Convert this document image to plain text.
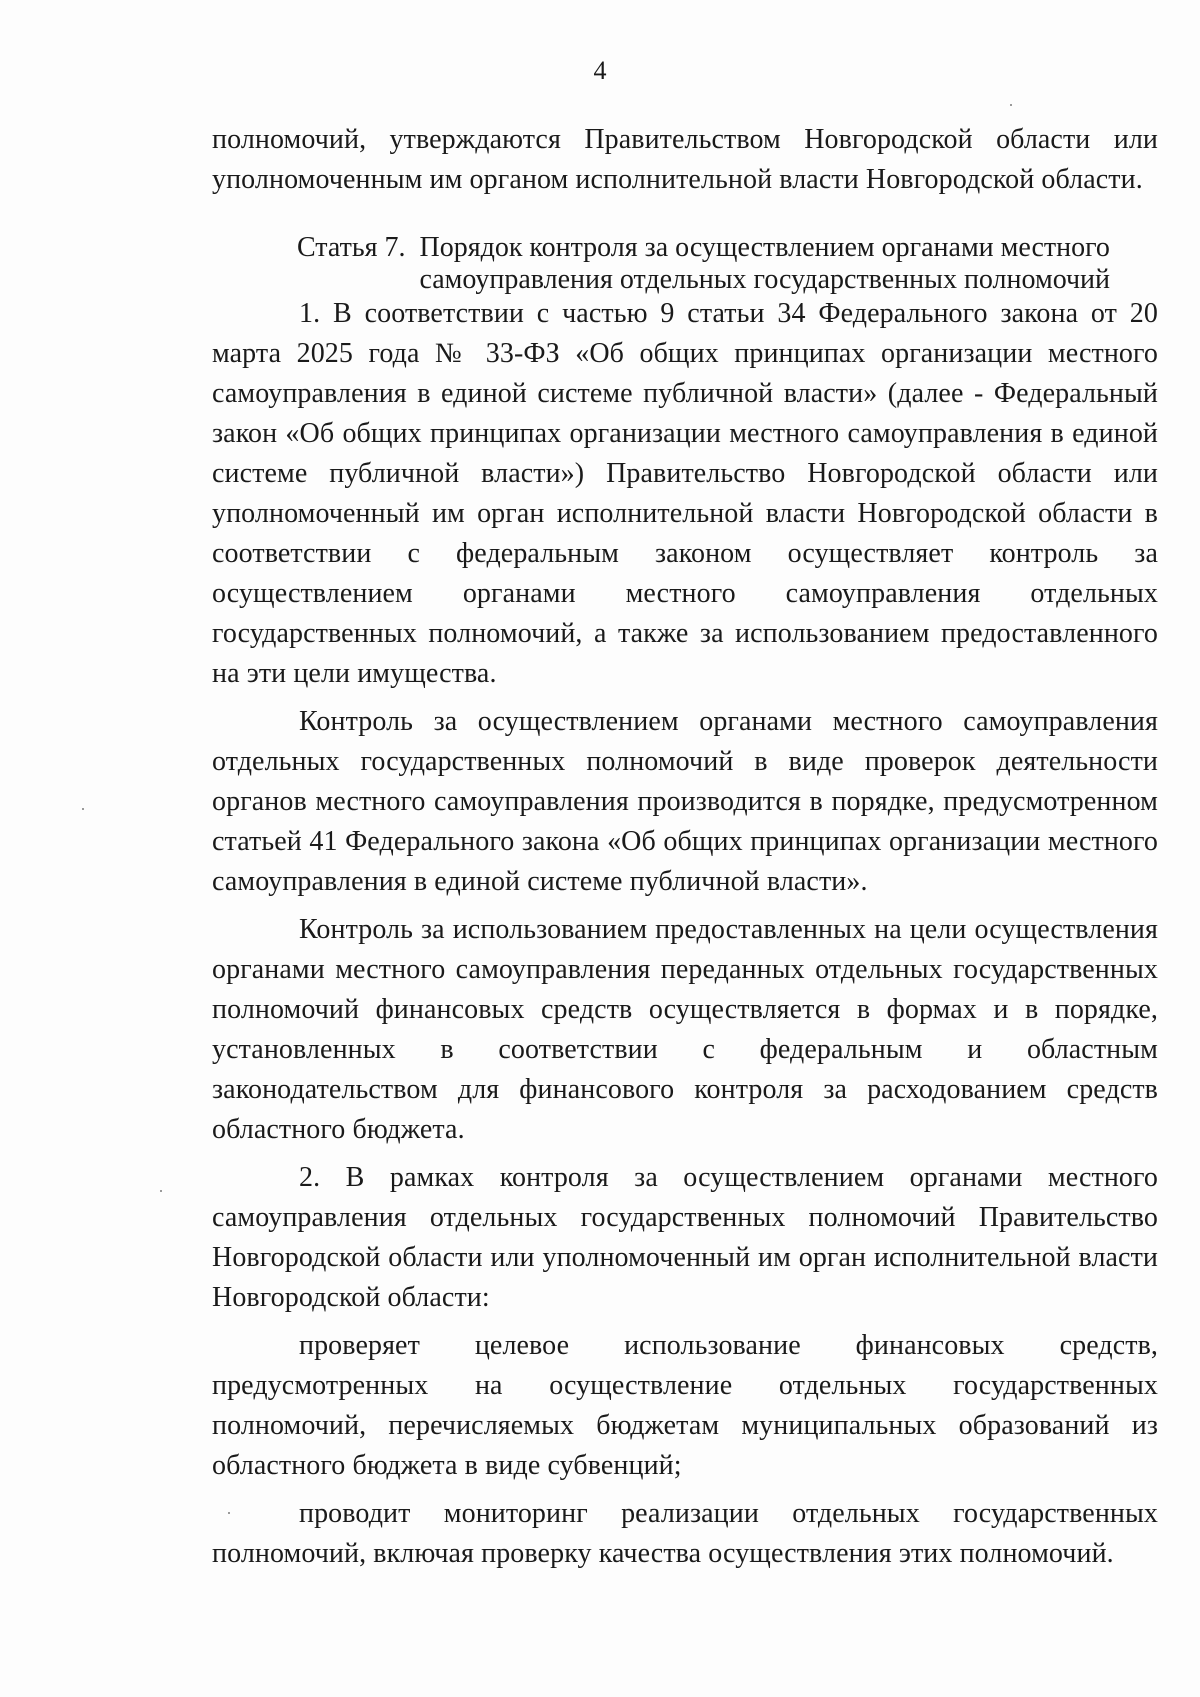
4

полномочий, утверждаются Правительством Новгородской области или уполномоченным им органом исполнительной власти Новгородской области.

Статья 7. Порядок контроля за осуществлением органами местного самоуправления отдельных государственных полномочий

1. В соответствии с частью 9 статьи 34 Федерального закона от 20 марта 2025 года № 33-ФЗ «Об общих принципах организации местного самоуправления в единой системе публичной власти» (далее - Федеральный закон «Об общих принципах организации местного самоуправления в единой системе публичной власти») Правительство Новгородской области или уполномоченный им орган исполнительной власти Новгородской области в соответствии с федеральным законом осуществляет контроль за осуществлением органами местного самоуправления отдельных государственных полномочий, а также за использованием предоставленного на эти цели имущества.

Контроль за осуществлением органами местного самоуправления отдельных государственных полномочий в виде проверок деятельности органов местного самоуправления производится в порядке, предусмотренном статьей 41 Федерального закона «Об общих принципах организации местного самоуправления в единой системе публичной власти».

Контроль за использованием предоставленных на цели осуществления органами местного самоуправления переданных отдельных государственных полномочий финансовых средств осуществляется в формах и в порядке, установленных в соответствии с федеральным и областным законодательством для финансового контроля за расходованием средств областного бюджета.

2. В рамках контроля за осуществлением органами местного самоуправления отдельных государственных полномочий Правительство Новгородской области или уполномоченный им орган исполнительной власти Новгородской области:

проверяет целевое использование финансовых средств, предусмотренных на осуществление отдельных государственных полномочий, перечисляемых бюджетам муниципальных образований из областного бюджета в виде субвенций;

проводит мониторинг реализации отдельных государственных полномочий, включая проверку качества осуществления этих полномочий.
